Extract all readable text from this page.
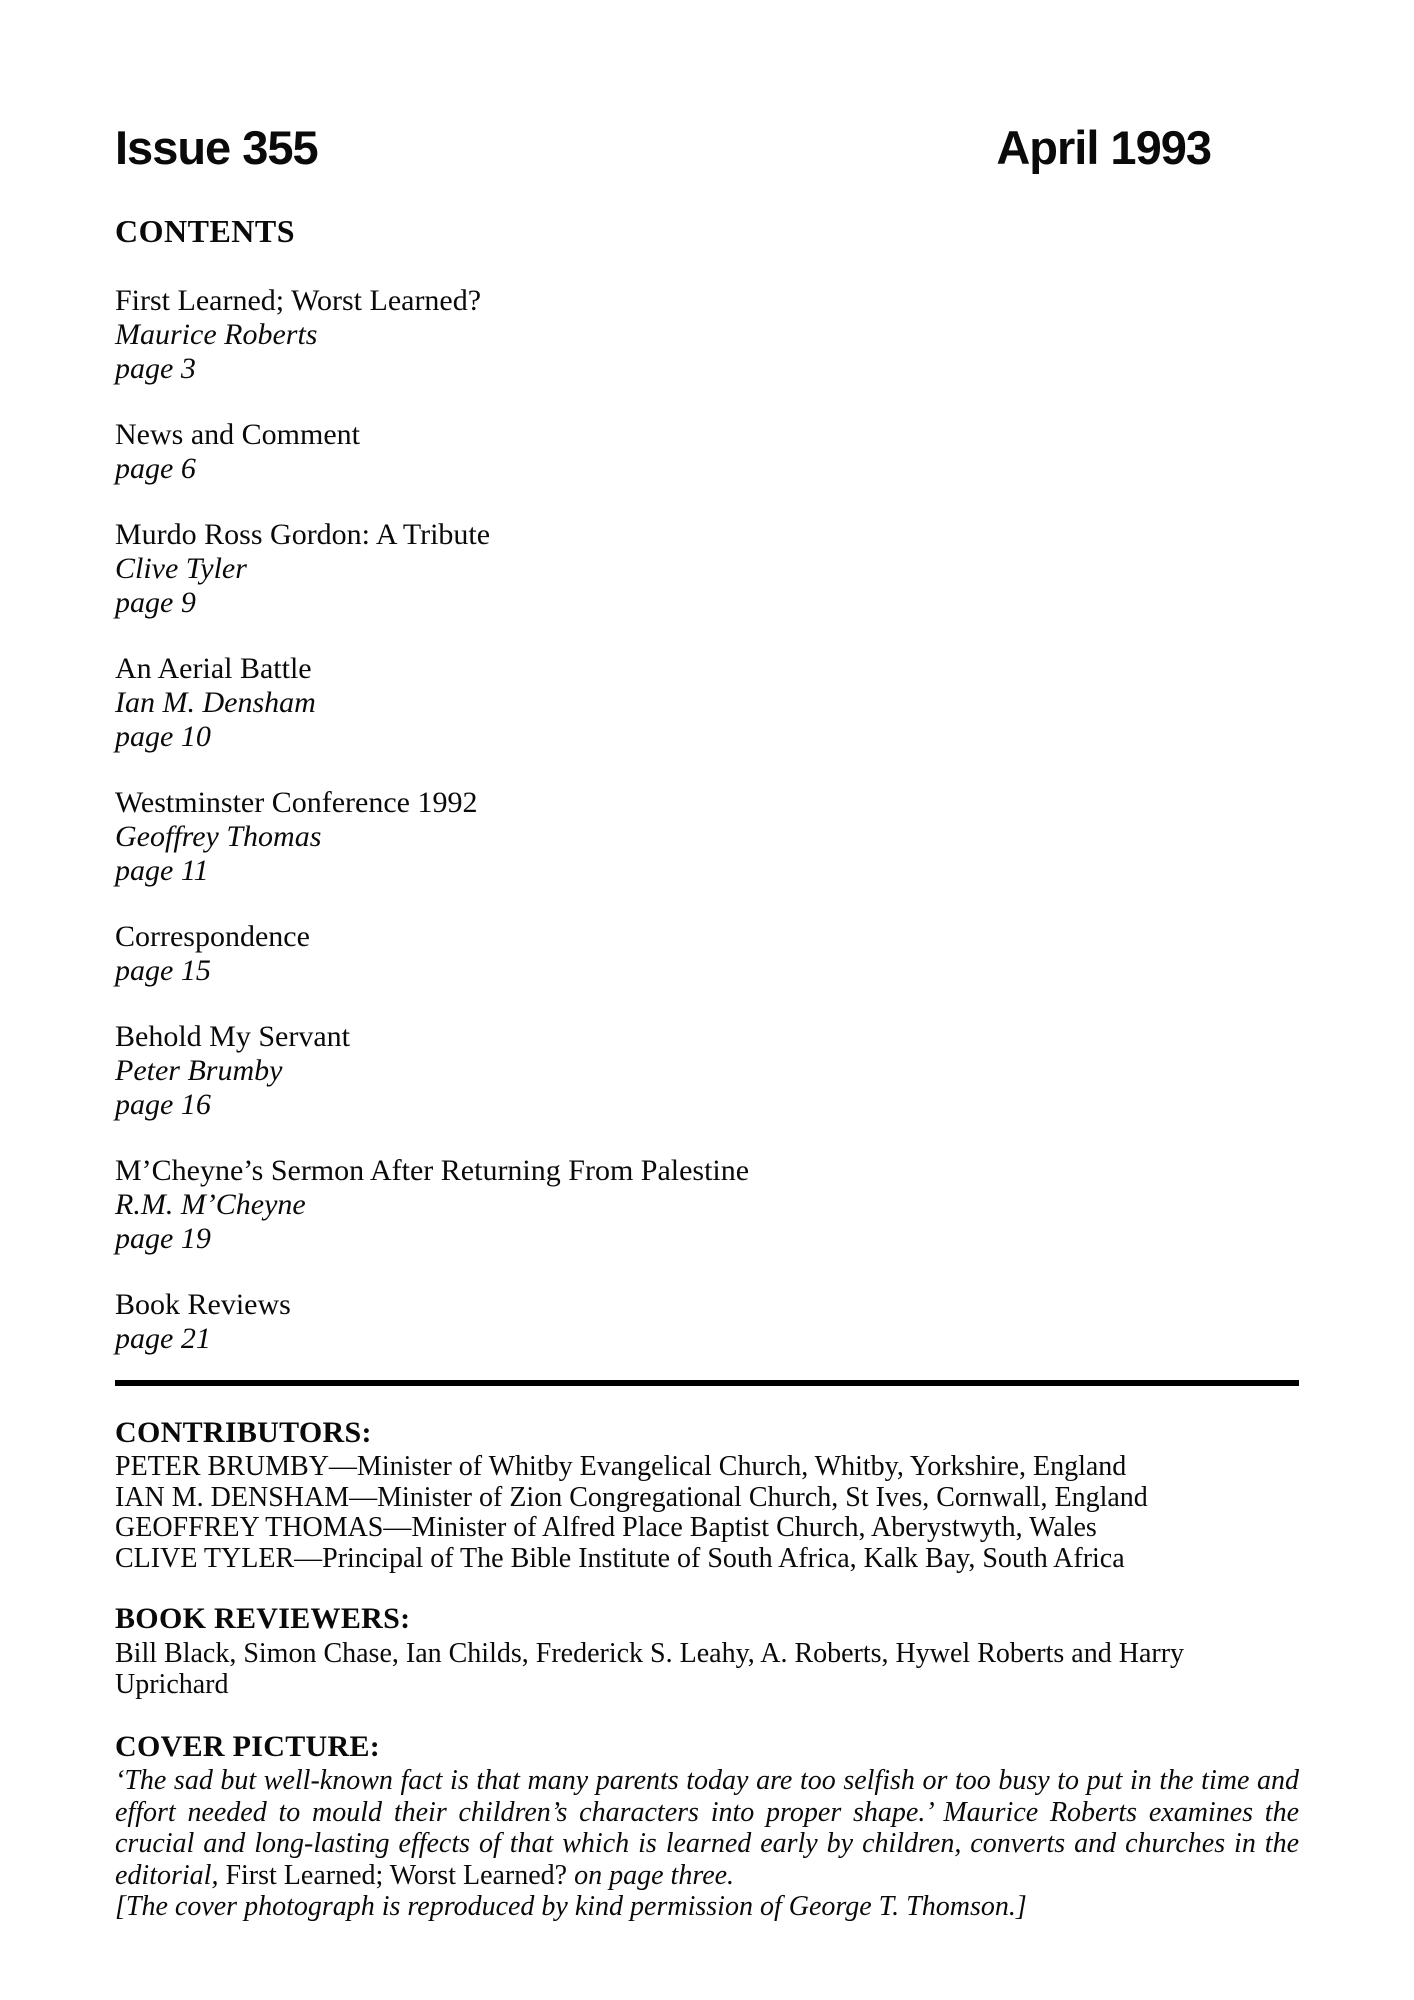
Issue 355	April 1993
CONTENTS

First Learned; Worst Learned?

Maurice Roberts

page 3

News and Comment

page 6

Murdo Ross Gordon: A Tribute

Clive Tyler

page 9

An Aerial Battle

Ian M. Densham

page 10

Westminster Conference 1992

Geoffrey Thomas

page 11

Correspondence

page 15

Behold My Servant

Peter Brumby

page 16

M’Cheyne’s Sermon After Returning From Palestine

R.M. M’Cheyne

page 19

Book Reviews

page 21

CONTRIBUTORS:

PETER BRUMBY—Minister of Whitby Evangelical Church, Whitby, Yorkshire, England

IAN M. DENSHAM—Minister of Zion Congregational Church, St Ives, Cornwall, England

GEOFFREY THOMAS—Minister of Alfred Place Baptist Church, Aberystwyth, Wales

CLIVE TYLER—Principal of The Bible Institute of South Africa, Kalk Bay, South Africa

BOOK REVIEWERS:

Bill Black, Simon Chase, Ian Childs, Frederick S. Leahy, A. Roberts, Hywel Roberts and Harry Uprichard

COVER PICTURE:

‘The sad but well-known fact is that many parents today are too selfish or too busy to put in the time and effort needed to mould their children’s characters into proper shape.’ Maurice Roberts examines the crucial and long-lasting effects of that which is learned early by children, converts and churches in the editorial, First Learned; Worst Learned? on page three.

[The cover photograph is reproduced by kind permission of George T. Thomson.]
